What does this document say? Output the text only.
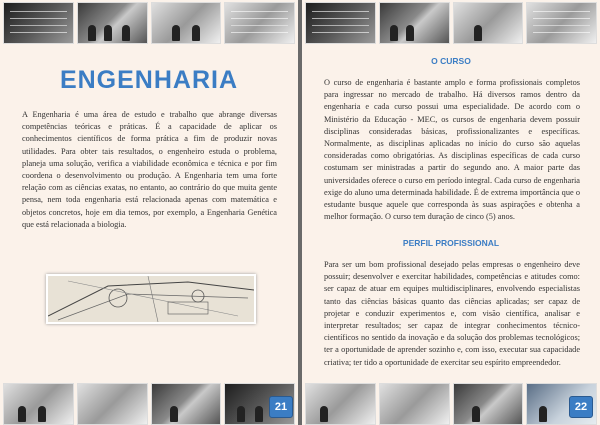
ENGENHARIA
A Engenharia é uma área de estudo e trabalho que abrange diversas competências teóricas e práticas. É a capacidade de aplicar os conhecimentos científicos de forma prática a fim de produzir novas utilidades. Para obter tais resultados, o engenheiro estuda o problema, planeja uma solução, verifica a viabilidade econômica e técnica e por fim coordena o desenvolvimento ou produção. A Engenharia tem uma forte relação com as ciências exatas, no entanto, ao contrário do que muita gente pensa, nem toda engenharia está relacionada apenas com matemática e objetos concretos, hoje em dia temos, por exemplo, a Engenharia Genética que está relacionada a biologia.
21
O CURSO
O curso de engenharia é bastante amplo e forma profissionais completos para ingressar no mercado de trabalho. Há diversos ramos dentro da engenharia e cada curso possui uma especialidade. De acordo com o Ministério da Educação - MEC, os cursos de engenharia devem possuir disciplinas consideradas básicas, profissionalizantes e específicas. Normalmente, as disciplinas aplicadas no início do curso são aquelas consideradas como obrigatórias. As disciplinas específicas de cada curso costumam ser ministradas a partir do segundo ano. A maior parte das universidades oferece o curso em período integral. Cada curso de engenharia exige do aluno uma determinada habilidade. É de extrema importância que o estudante busque aquele que corresponda às suas aspirações e obtenha a melhor formação. O curso tem duração de cinco (5) anos.
PERFIL PROFISSIONAL
Para ser um bom profissional desejado pelas empresas o engenheiro deve possuir; desenvolver e exercitar habilidades, competências e atitudes como: ser capaz de atuar em equipes multidisciplinares, envolvendo especialistas tanto das ciências básicas quanto das ciências aplicadas; ser capaz de projetar e conduzir experimentos e, com visão científica, analisar e interpretar resultados; ser capaz de integrar conhecimentos técnico-científicos no sentido da inovação e da solução dos problemas tecnológicos; ter a oportunidade de aprender sozinho e, com isso, executar sua capacidade criativa; ter tido a oportunidade de exercitar seu espírito empreendedor.
22
